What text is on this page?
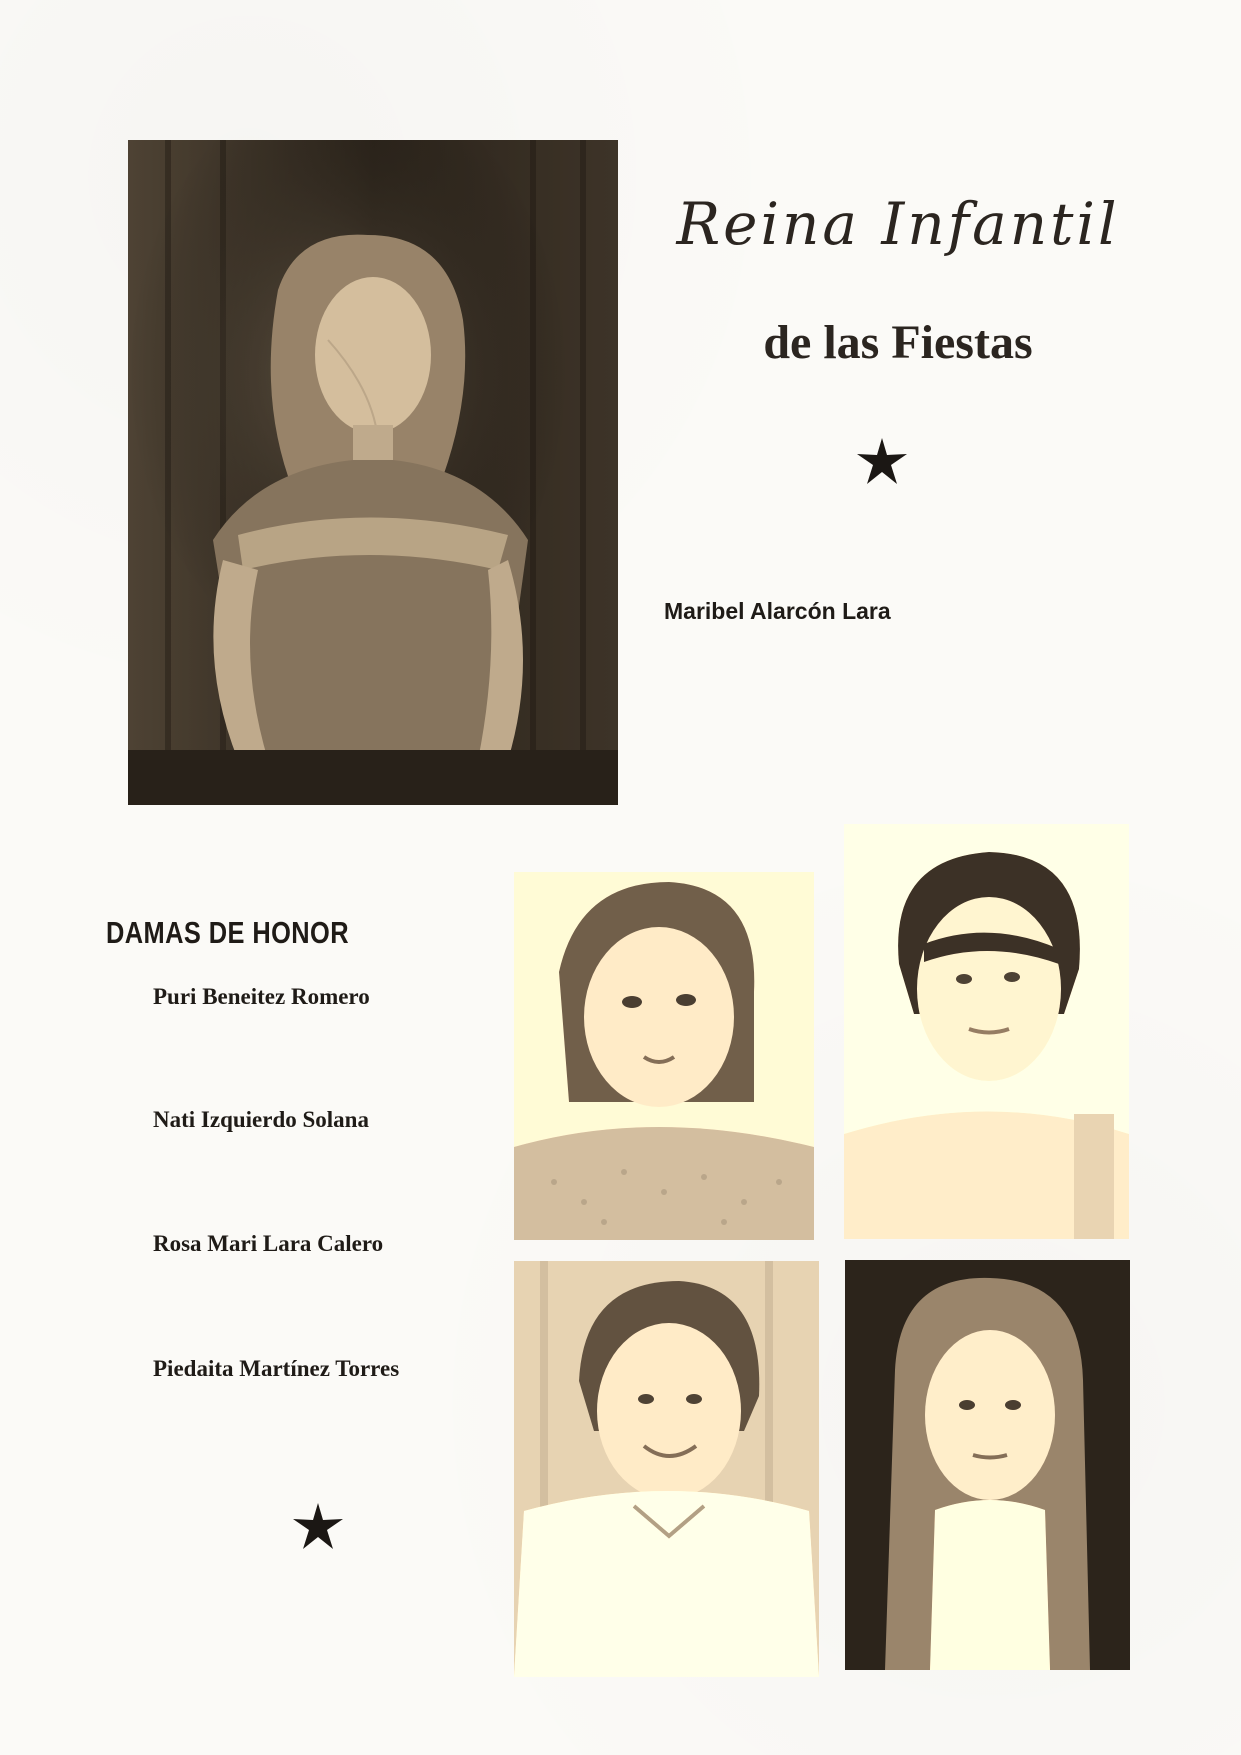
Reina Infantil
de las Fiestas
Maribel Alarcón Lara
DAMAS DE HONOR
Puri Beneitez Romero
Nati Izquierdo Solana
Rosa Mari Lara Calero
Piedaita Martínez Torres
